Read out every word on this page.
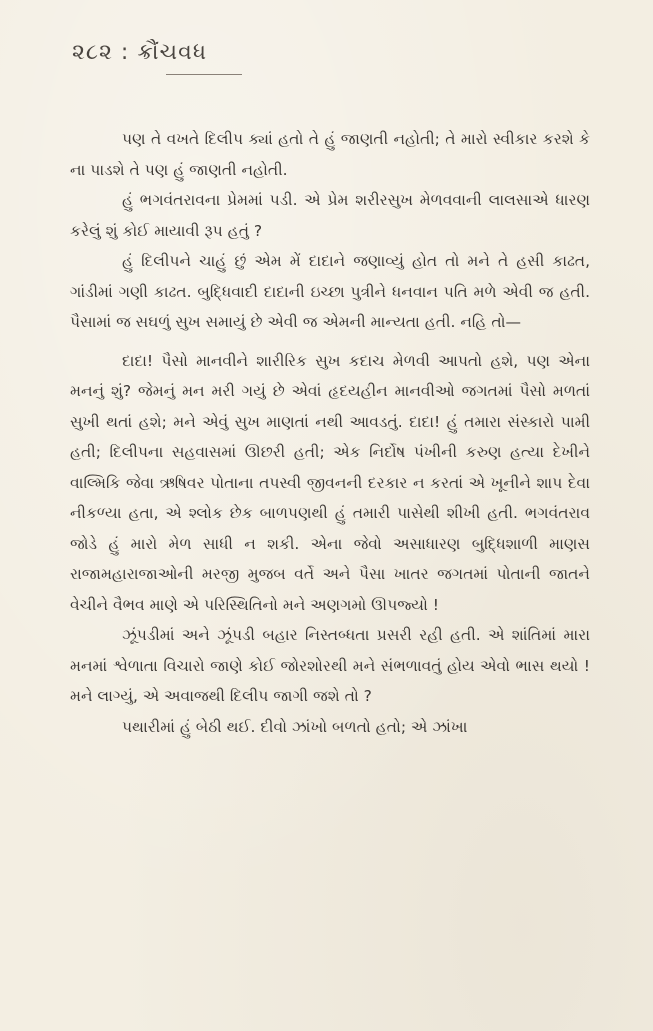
૨૮૨ : ક્રૌંચવધ

પણ તે વખતે દિલીપ ક્યાં હતો તે હું જાણતી નહોતી; તે મારો સ્વીકાર કરશે કે ના પાડશે તે પણ હું જાણતી નહોતી.

હું ભગવંતરાવના પ્રેમમાં પડી. એ પ્રેમ શરીરસુખ મેળવવાની લાલસાએ ધારણ કરેલું શું કોઈ માયાવી રૂપ હતું ?

હું દિલીપને ચાહું છું એમ મેં દાદાને જણાવ્યું હોત તો મને તે હસી કાઢત, ગાંડીમાં ગણી કાઢત. બુદ્ધિવાદી દાદાની ઇચ્છા પુત્રીને ધનવાન પતિ મળે એવી જ હતી. પૈસામાં જ સઘળું સુખ સમાયું છે એવી જ એમની માન્યતા હતી. નહિ તો—

દાદા! પૈસો માનવીને શારીરિક સુખ કદાચ મેળવી આપતો હશે, પણ એના મનનું શું? જેમનું મન મરી ગયું છે એવાં હૃદયહીન માનવીઓ જગતમાં પૈસો મળતાં સુખી થતાં હશે; મને એવું સુખ માણતાં નથી આવડતું. દાદા! હું તમારા સંસ્કારો પામી હતી; દિલીપના સહવાસમાં ઊછરી હતી; એક નિર્દોષ પંખીની કરુણ હત્યા દેખીને વાલ્મિકિ જેવા ઋષિવર પોતાના તપસ્વી જીવનની દરકાર ન કરતાં એ ખૂનીને શાપ દેવા નીકળ્યા હતા, એ શ્લોક છેક બાળપણથી હું તમારી પાસેથી શીખી હતી. ભગવંતરાવ જોડે હું મારો મેળ સાધી ન શકી. એના જેવો અસાધારણ બુદ્ધિશાળી માણસ રાજામહારાજાઓની મરજી મુજબ વર્તે અને પૈસા ખાતર જગતમાં પોતાની જાતને વેચીને વૈભવ માણે એ પરિસ્થિતિનો મને અણગમો ઊપજ્યો !

ઝૂંપડીમાં અને ઝૂંપડી બહાર નિસ્તબ્ધતા પ્રસરી રહી હતી. એ શાંતિમાં મારા મનમાં શ્વેળાતા વિચારો જાણે કોઈ જોરશોરથી મને સંભળાવતું હોય એવો ભાસ થયો ! મને લાગ્યું, એ અવાજથી દિલીપ જાગી જશે તો ?

પથારીમાં હું બેઠી થઈ. દીવો ઝાંખો બળતો હતો; એ ઝાંખા
